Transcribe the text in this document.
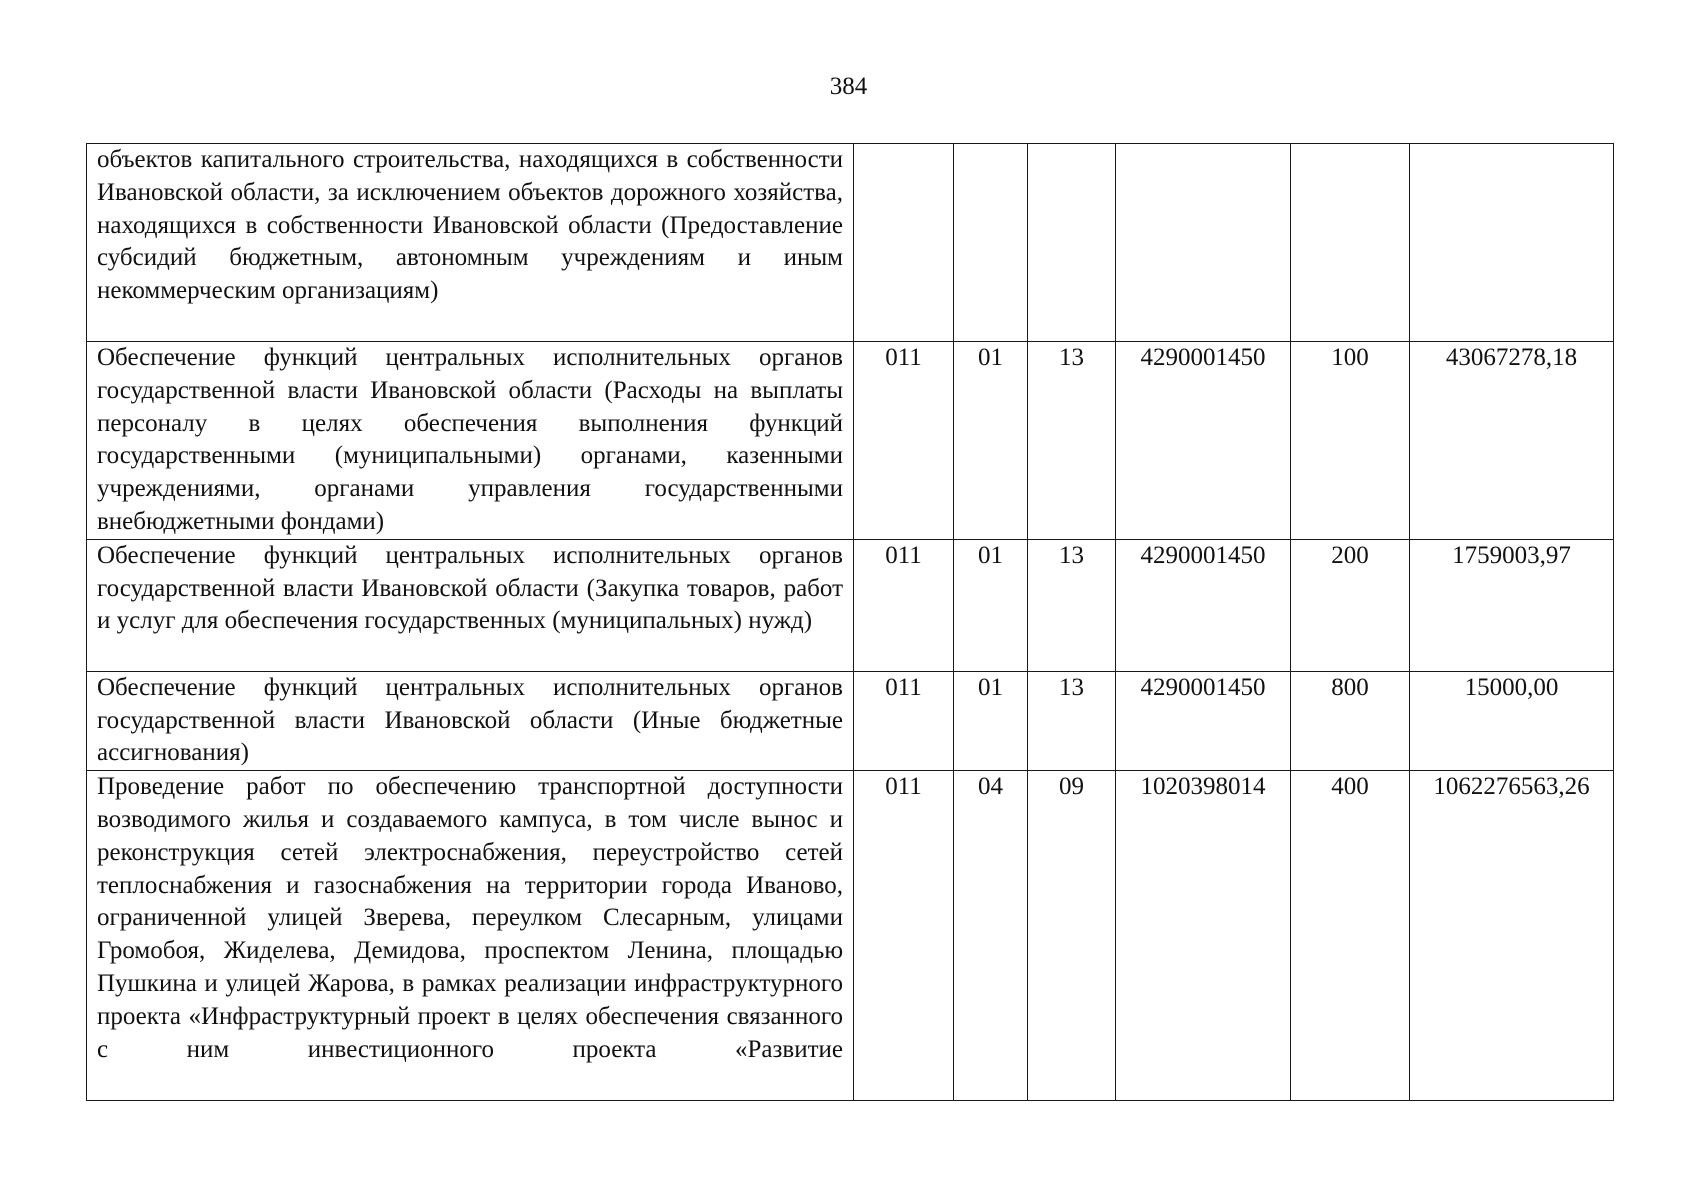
384
объектов капитального строительства, находящихся в собственности Ивановской области, за исключением объектов дорожного хозяйства, находящихся в собственности Ивановской области (Предоставление субсидий бюджетным, автономным учреждениям и иным некоммерческим организациям)						
Обеспечение функций центральных исполнительных органов государственной власти Ивановской области (Расходы на выплаты персоналу в целях обеспечения выполнения функций государственными (муниципальными) органами, казенными учреждениями, органами управления государственными внебюджетными фондами)	011	01	13	4290001450	100	43067278,18
Обеспечение функций центральных исполнительных органов государственной власти Ивановской области (Закупка товаров, работ и услуг для обеспечения государственных (муниципальных) нужд)	011	01	13	4290001450	200	1759003,97
Обеспечение функций центральных исполнительных органов государственной власти Ивановской области (Иные бюджетные ассигнования)	011	01	13	4290001450	800	15000,00
Проведение работ по обеспечению транспортной доступности возводимого жилья и создаваемого кампуса, в том числе вынос и реконструкция сетей электроснабжения, переустройство сетей теплоснабжения и газоснабжения на территории города Иваново, ограниченной улицей Зверева, переулком Слесарным, улицами Громобоя, Жиделева, Демидова, проспектом Ленина, площадью Пушкина и улицей Жарова, в рамках реализации инфраструктурного проекта «Инфраструктурный проект в целях обеспечения связанного с ним инвестиционного проекта «Развитие	011	04	09	1020398014	400	1062276563,26
